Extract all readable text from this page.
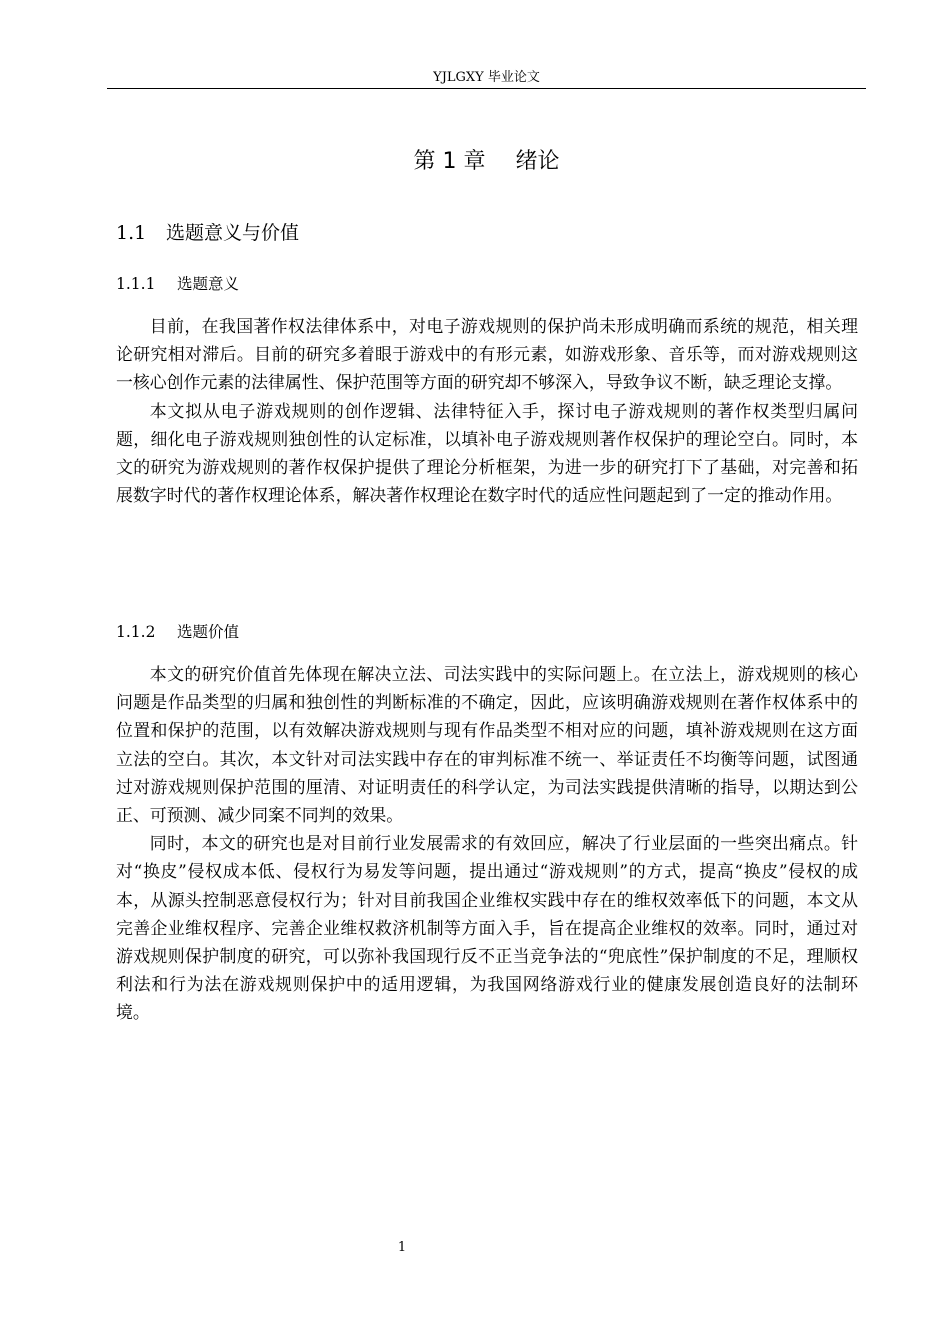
YJLGXY 毕业论文
第 1 章 绪论
1.1 选题意义与价值
1.1.1 选题意义

目前，在我国著作权法律体系中，对电子游戏规则的保护尚未形成明确而系统的规范，相关理论研究相对滞后。目前的研究多着眼于游戏中的有形元素，如游戏形象、音乐等，而对游戏规则这一核心创作元素的法律属性、保护范围等方面的研究却不够深入，导致争议不断，缺乏理论支撑。

本文拟从电子游戏规则的创作逻辑、法律特征入手，探讨电子游戏规则的著作权类型归属问题，细化电子游戏规则独创性的认定标准，以填补电子游戏规则著作权保护的理论空白。同时，本文的研究为游戏规则的著作权保护提供了理论分析框架，为进一步的研究打下了基础，对完善和拓展数字时代的著作权理论体系，解决著作权理论在数字时代的适应性问题起到了一定的推动作用。

1.1.2 选题价值

本文的研究价值首先体现在解决立法、司法实践中的实际问题上。在立法上，游戏规则的核心问题是作品类型的归属和独创性的判断标准的不确定，因此，应该明确游戏规则在著作权体系中的位置和保护的范围，以有效解决游戏规则与现有作品类型不相对应的问题，填补游戏规则在这方面立法的空白。其次，本文针对司法实践中存在的审判标准不统一、举证责任不均衡等问题，试图通过对游戏规则保护范围的厘清、对证明责任的科学认定，为司法实践提供清晰的指导，以期达到公正、可预测、减少同案不同判的效果。

同时，本文的研究也是对目前行业发展需求的有效回应，解决了行业层面的一些突出痛点。针对“换皮”侵权成本低、侵权行为易发等问题，提出通过“游戏规则”的方式，提高“换皮”侵权的成本，从源头控制恶意侵权行为；针对目前我国企业维权实践中存在的维权效率低下的问题，本文从完善企业维权程序、完善企业维权救济机制等方面入手，旨在提高企业维权的效率。同时，通过对游戏规则保护制度的研究，可以弥补我国现行反不正当竞争法的“兜底性”保护制度的不足，理顺权利法和行为法在游戏规则保护中的适用逻辑，为我国网络游戏行业的健康发展创造良好的法制环境。

1
